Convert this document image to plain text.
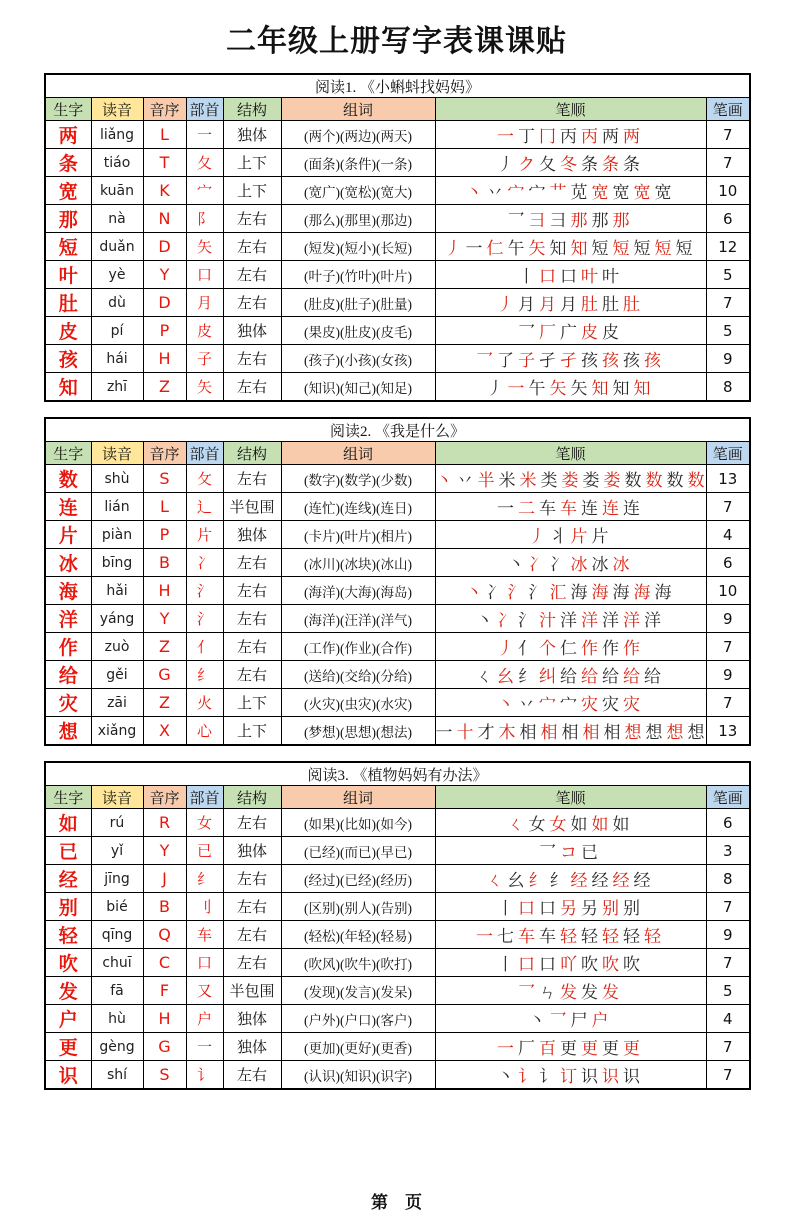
二年级上册写字表课课贴
阅读1. 《小蝌蚪找妈妈》							
生字	读音	音序	部首	结构	组词	笔顺	笔画
两	liǎng	L	一	独体	(两个)(两边)(两天)	一 丁 冂 丙 丙 两 两	7
条	tiáo	T	夂	上下	(面条)(条件)(一条)	丿 ク 夂 冬 条 条 条	7
宽	kuān	K	宀	上下	(宽广)(宽松)(宽大)	丶 丷 宀 宀 艹 苋 宽 宽 宽 宽	10
那	nà	N	阝	左右	(那么)(那里)(那边)	乛 彐 彐 那 那 那	6
短	duǎn	D	矢	左右	(短发)(短小)(长短)	丿 一 仁 午 矢 知 知 短 短 短 短 短	12
叶	yè	Y	口	左右	(叶子)(竹叶)(叶片)	丨 口 口 叶 叶	5
肚	dù	D	月	左右	(肚皮)(肚子)(肚量)	丿 月 月 月 肚 肚 肚	7
皮	pí	P	皮	独体	(果皮)(肚皮)(皮毛)	乛 厂 广 皮 皮	5
孩	hái	H	子	左右	(孩子)(小孩)(女孩)	乛 了 子 孑 孑 孩 孩 孩 孩	9
知	zhī	Z	矢	左右	(知识)(知己)(知足)	丿 一 午 矢 矢 知 知 知	8
阅读2. 《我是什么》							
生字	读音	音序	部首	结构	组词	笔顺	笔画
数	shù	S	攵	左右	(数字)(数学)(少数)	丶 丷 半 米 米 类 娄 娄 娄 数 数 数 数	13
连	lián	L	辶	半包围	(连忙)(连线)(连日)	一 二 车 车 连 连 连	7
片	piàn	P	片	独体	(卡片)(叶片)(相片)	丿 丬 片 片	4
冰	bīng	B	冫	左右	(冰川)(冰块)(冰山)	丶 冫 冫 冰 冰 冰	6
海	hǎi	H	氵	左右	(海洋)(大海)(海岛)	丶 冫 氵 氵 汇 海 海 海 海 海	10
洋	yáng	Y	氵	左右	(海洋)(汪洋)(洋气)	丶 冫 氵 汁 洋 洋 洋 洋 洋	9
作	zuò	Z	亻	左右	(工作)(作业)(合作)	丿 亻 个 仁 作 作 作	7
给	gěi	G	纟	左右	(送给)(交给)(分给)	ㄑ 幺 纟 纠 给 给 给 给 给	9
灾	zāi	Z	火	上下	(火灾)(虫灾)(水灾)	丶 丷 宀 宀 灾 灾 灾	7
想	xiǎng	X	心	上下	(梦想)(思想)(想法)	一 十 才 木 相 相 相 相 相 想 想 想 想	13
阅读3. 《植物妈妈有办法》							
生字	读音	音序	部首	结构	组词	笔顺	笔画
如	rú	R	女	左右	(如果)(比如)(如今)	ㄑ 女 女 如 如 如	6
已	yǐ	Y	已	独体	(已经)(而已)(早已)	乛 コ 已	3
经	jīng	J	纟	左右	(经过)(已经)(经历)	ㄑ 幺 纟 纟 经 经 经 经	8
别	bié	B	刂	左右	(区别)(别人)(告别)	丨 口 口 另 另 别 别	7
轻	qīng	Q	车	左右	(轻松)(年轻)(轻易)	一 七 车 车 轻 轻 轻 轻 轻	9
吹	chuī	C	口	左右	(吹风)(吹牛)(吹打)	丨 口 口 吖 吹 吹 吹	7
发	fā	F	又	半包围	(发现)(发言)(发呆)	乛 ㄣ 发 发 发	5
户	hù	H	户	独体	(户外)(户口)(客户)	丶 乛 尸 户	4
更	gèng	G	一	独体	(更加)(更好)(更香)	一 厂 百 更 更 更 更	7
识	shí	S	讠	左右	(认识)(知识)(识字)	丶 讠 讠 订 识 识 识	7
第　页
